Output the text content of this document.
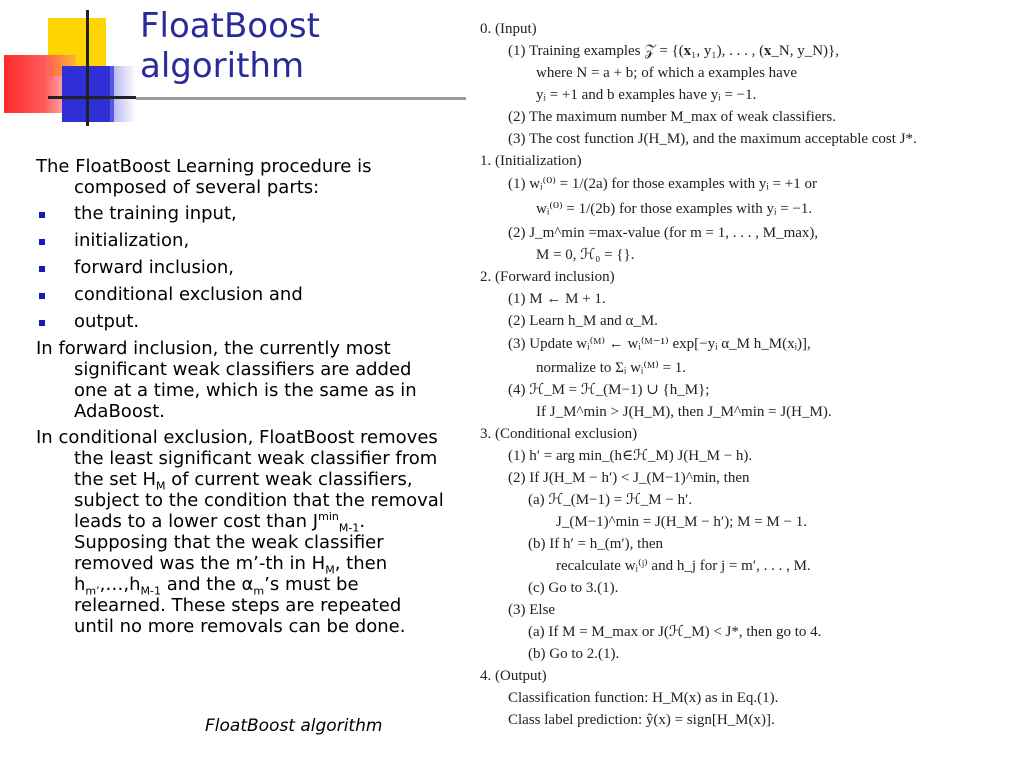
FloatBoost
algorithm

The FloatBoost Learning procedure is composed of several parts:

the training input,
initialization,
forward inclusion,
conditional exclusion and
output.

In forward inclusion, the currently most significant weak classifiers are added one at a time, which is the same as in AdaBoost.

In conditional exclusion, FloatBoost removes the least significant weak classifier from the set $H_M$ of current weak classifiers, subject to the condition that the removal leads to a lower cost than $J^{min}_{M-1}$. Supposing that the weak classifier removed was the m’-th in $H_M$, then $h_{m’},\dots,h_{M-1}$ and the $\alpha_m’s$ must be relearned. These steps are repeated until no more removals can be done.

FloatBoost algorithm
0. (Input)
(1) Training examples 𝒵 = {(𝐱₁, y₁), . . . , (𝐱_N, y_N)},
where N = a + b; of which a examples have
yᵢ = +1 and b examples have yᵢ = −1.
(2) The maximum number M_max of weak classifiers.
(3) The cost function J(H_M), and the maximum acceptable cost J*.
1. (Initialization)
(1) wᵢ⁽⁰⁾ = 1/(2a) for those examples with yᵢ = +1 or
wᵢ⁽⁰⁾ = 1/(2b) for those examples with yᵢ = −1.
(2) J_m^min =max-value (for m = 1, . . . , M_max),
M = 0, ℋ₀ = {}.
2. (Forward inclusion)
(1) M ← M + 1.
(2) Learn h_M and α_M.
(3) Update wᵢ⁽ᴹ⁾ ← wᵢ⁽ᴹ⁻¹⁾ exp[−yᵢ α_M h_M(xᵢ)],
normalize to Σᵢ wᵢ⁽ᴹ⁾ = 1.
(4) ℋ_M = ℋ_(M−1) ∪ {h_M};
If J_M^min > J(H_M), then J_M^min = J(H_M).
3. (Conditional exclusion)
(1) h′ = arg min_(h∈ℋ_M) J(H_M − h).
(2) If J(H_M − h′) < J_(M−1)^min, then
(a) ℋ_(M−1) = ℋ_M − h′.
J_(M−1)^min = J(H_M − h′); M = M − 1.
(b) If h′ = h_(m′), then
recalculate wᵢ⁽ʲ⁾ and h_j for j = m′, . . . , M.
(c) Go to 3.(1).
(3) Else
(a) If M = M_max or J(ℋ_M) < J*, then go to 4.
(b) Go to 2.(1).
4. (Output)
Classification function: H_M(x) as in Eq.(1).
Class label prediction: ŷ(x) = sign[H_M(x)].
